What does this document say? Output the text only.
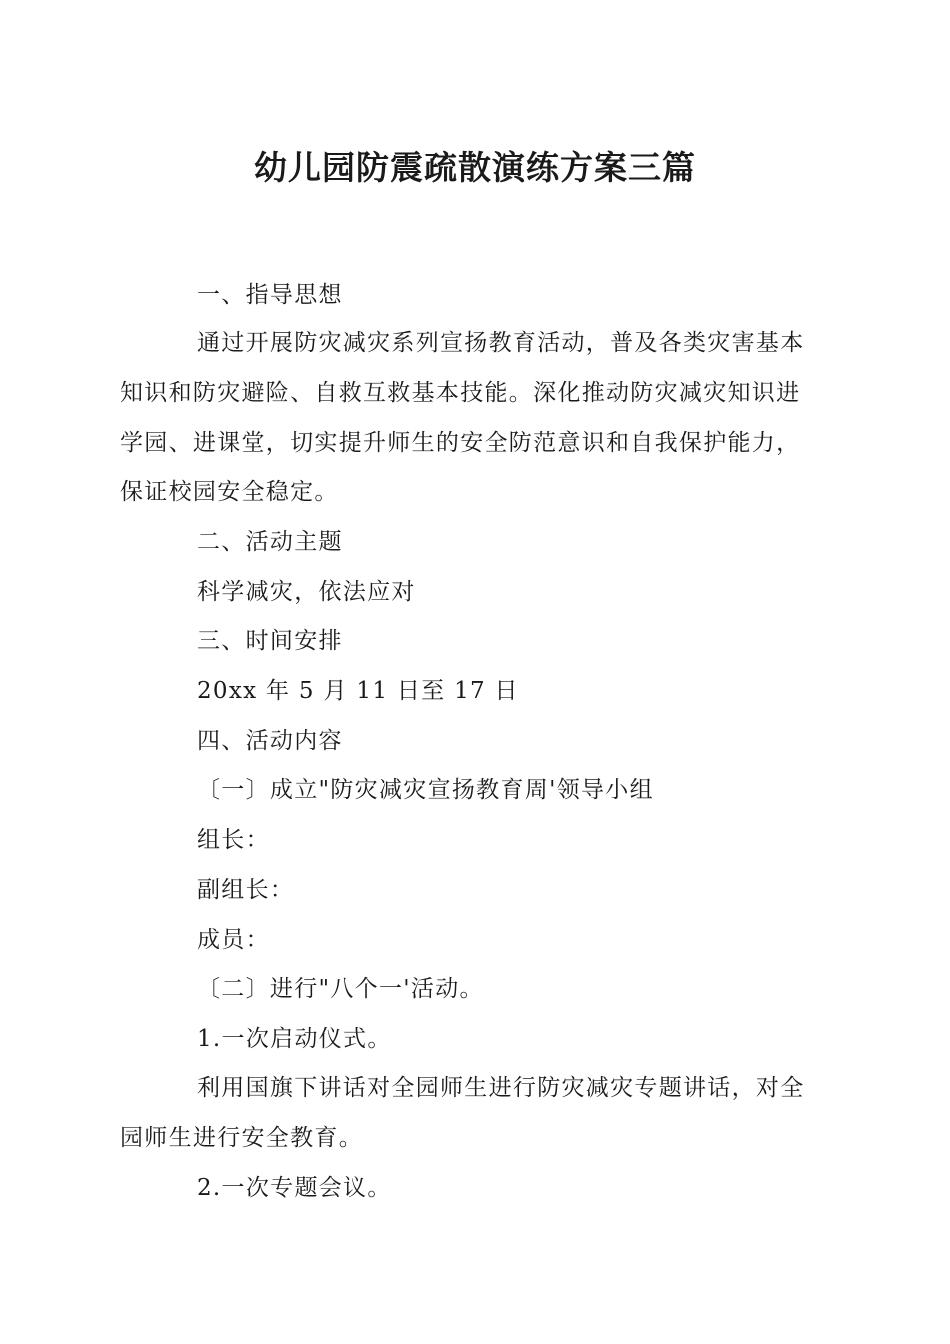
幼儿园防震疏散演练方案三篇
一、指导思想
通过开展防灾减灾系列宣扬教育活动，普及各类灾害基本
知识和防灾避险、自救互救基本技能。深化推动防灾减灾知识进
学园、进课堂，切实提升师生的安全防范意识和自我保护能力，
保证校园安全稳定。
二、活动主题
科学减灾，依法应对
三、时间安排
20xx 年 5 月 11 日至 17 日
四、活动内容
〔一〕成立"防灾减灾宣扬教育周'领导小组
组长：
副组长：
成员：
〔二〕进行"八个一'活动。
1.一次启动仪式。
利用国旗下讲话对全园师生进行防灾减灾专题讲话，对全
园师生进行安全教育。
2.一次专题会议。
